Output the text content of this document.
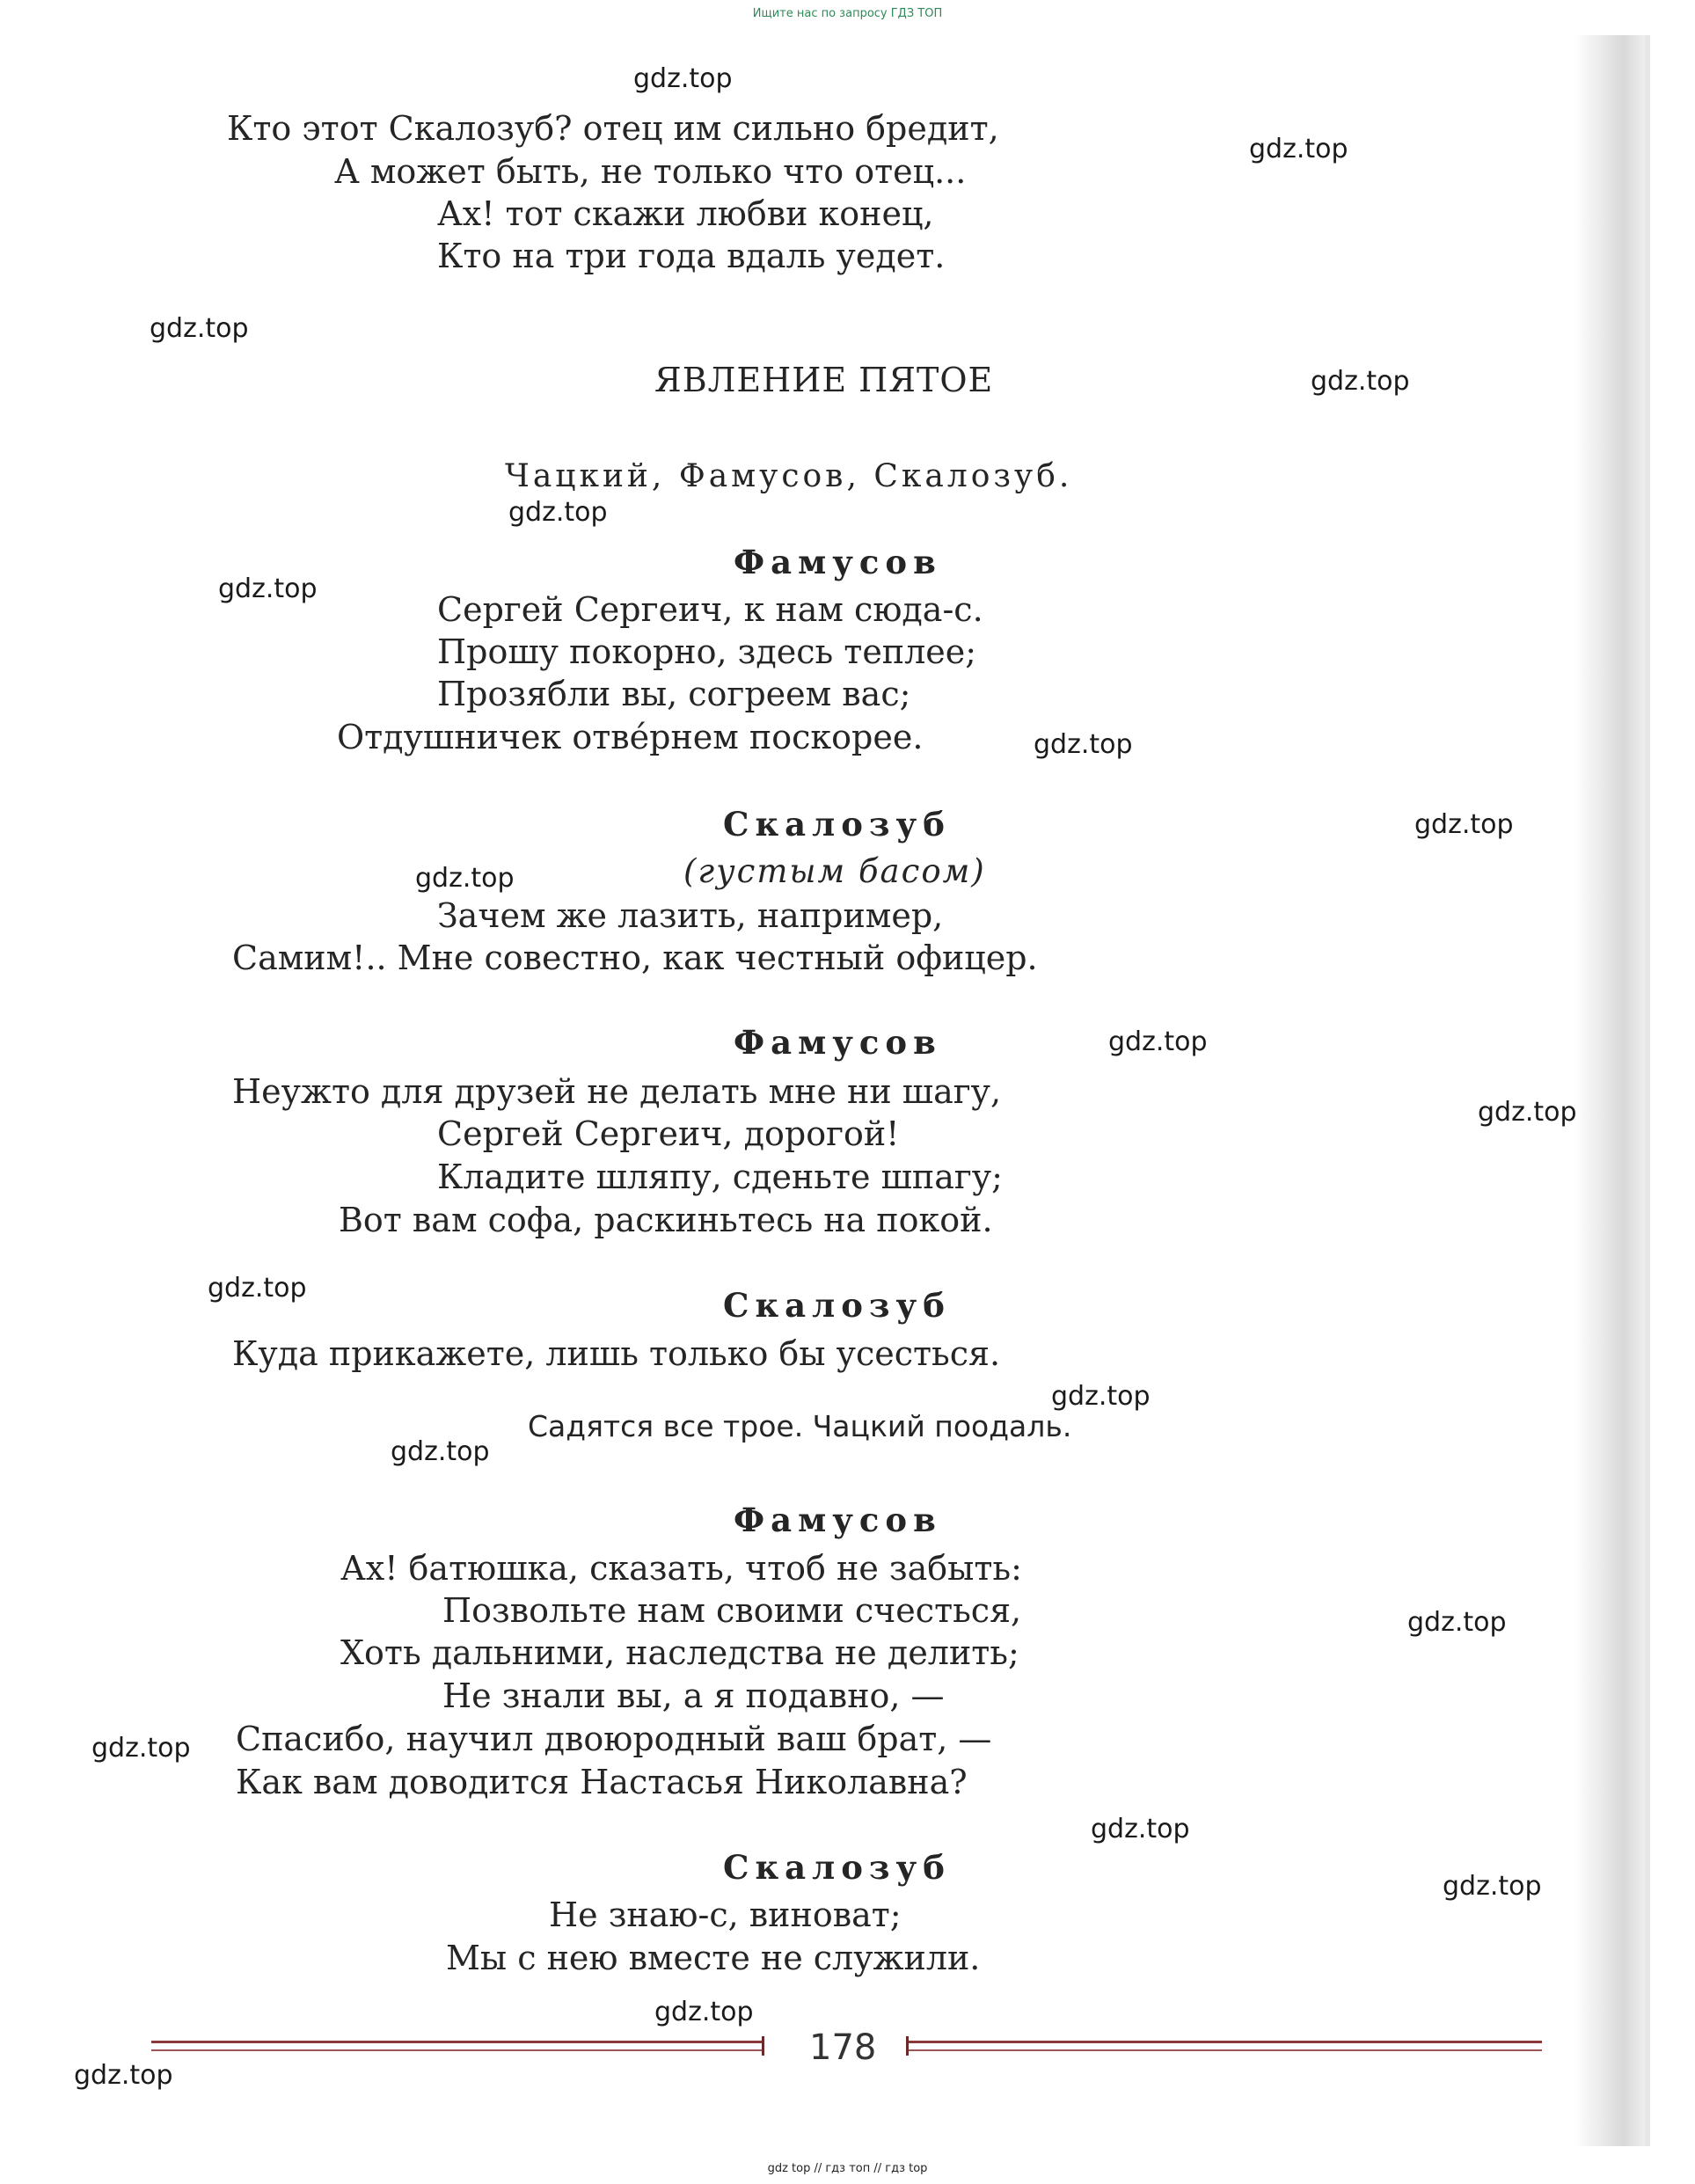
Ищите нас по запросу ГДЗ ТОП
Кто этот Скалозуб? отец им сильно бредит,
А может быть, не только что отец...
Ах! тот скажи любви конец,
Кто на три года вдаль уедет.
ЯВЛЕНИЕ ПЯТОЕ
Чацкий, Фамусов, Скалозуб.
Фамусов
Сергей Сергеич, к нам сюда-с.
Прошу покорно, здесь теплее;
Прозябли вы, согреем вас;
Отдушничек отве́рнем поскорее.
Скалозуб
(густым басом)
Зачем же лазить, например,
Самим!.. Мне совестно, как честный офицер.
Фамусов
Неужто для друзей не делать мне ни шагу,
Сергей Сергеич, дорогой!
Кладите шляпу, сденьте шпагу;
Вот вам софа, раскиньтесь на покой.
Скалозуб
Куда прикажете, лишь только бы усесться.
Садятся все трое. Чацкий поодаль.
Фамусов
Ах! батюшка, сказать, чтоб не забыть:
Позвольте нам своими счесться,
Хоть дальними, наследства не делить;
Не знали вы, а я подавно, —
Спасибо, научил двоюродный ваш брат, —
Как вам доводится Настасья Николавна?
Скалозуб
Не знаю-с, виноват;
Мы с нею вместе не служили.
178
gdz.top
gdz.top
gdz.top
gdz.top
gdz.top
gdz.top
gdz.top
gdz.top
gdz.top
gdz.top
gdz.top
gdz.top
gdz.top
gdz.top
gdz.top
gdz.top
gdz.top
gdz.top
gdz.top
gdz.top
gdz top // гдз топ // гдз top
